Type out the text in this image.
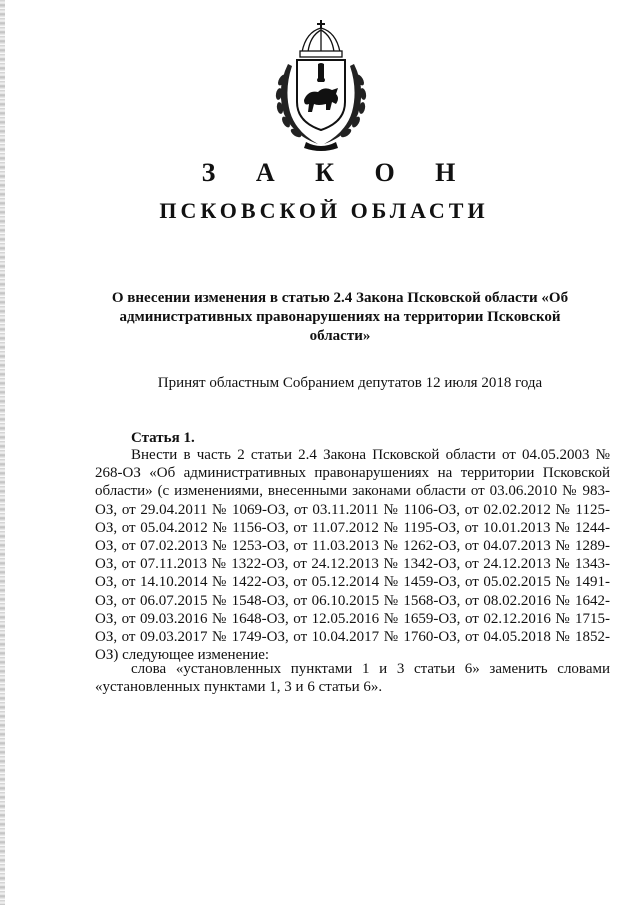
З А К О Н
ПСКОВСКОЙ ОБЛАСТИ

О внесении изменения в статью 2.4 Закона Псковской области «Об административных правонарушениях на территории Псковской области»

Принят областным Собранием депутатов 12 июля 2018 года

Статья 1.

Внести в часть 2 статьи 2.4 Закона Псковской области от 04.05.2003 № 268-ОЗ «Об административных правонарушениях на территории Псковской области» (с изменениями, внесенными законами области от 03.06.2010 № 983-ОЗ, от 29.04.2011 № 1069-ОЗ, от 03.11.2011 № 1106-ОЗ, от 02.02.2012 № 1125-ОЗ, от 05.04.2012 № 1156-ОЗ, от 11.07.2012 № 1195-ОЗ, от 10.01.2013 № 1244-ОЗ, от 07.02.2013 № 1253-ОЗ, от 11.03.2013 № 1262-ОЗ, от 04.07.2013 № 1289-ОЗ, от 07.11.2013 № 1322-ОЗ, от 24.12.2013 № 1342-ОЗ, от 24.12.2013 № 1343-ОЗ, от 14.10.2014 № 1422-ОЗ, от 05.12.2014 № 1459-ОЗ, от 05.02.2015 № 1491-ОЗ, от 06.07.2015 № 1548-ОЗ, от 06.10.2015 № 1568-ОЗ, от 08.02.2016 № 1642-ОЗ, от 09.03.2016 № 1648-ОЗ, от 12.05.2016 № 1659-ОЗ, от 02.12.2016 № 1715-ОЗ, от 09.03.2017 № 1749-ОЗ, от 10.04.2017 № 1760-ОЗ, от 04.05.2018 № 1852-ОЗ) следующее изменение:

слова «установленных пунктами 1 и 3 статьи 6» заменить словами «установленных пунктами 1, 3 и 6 статьи 6».
